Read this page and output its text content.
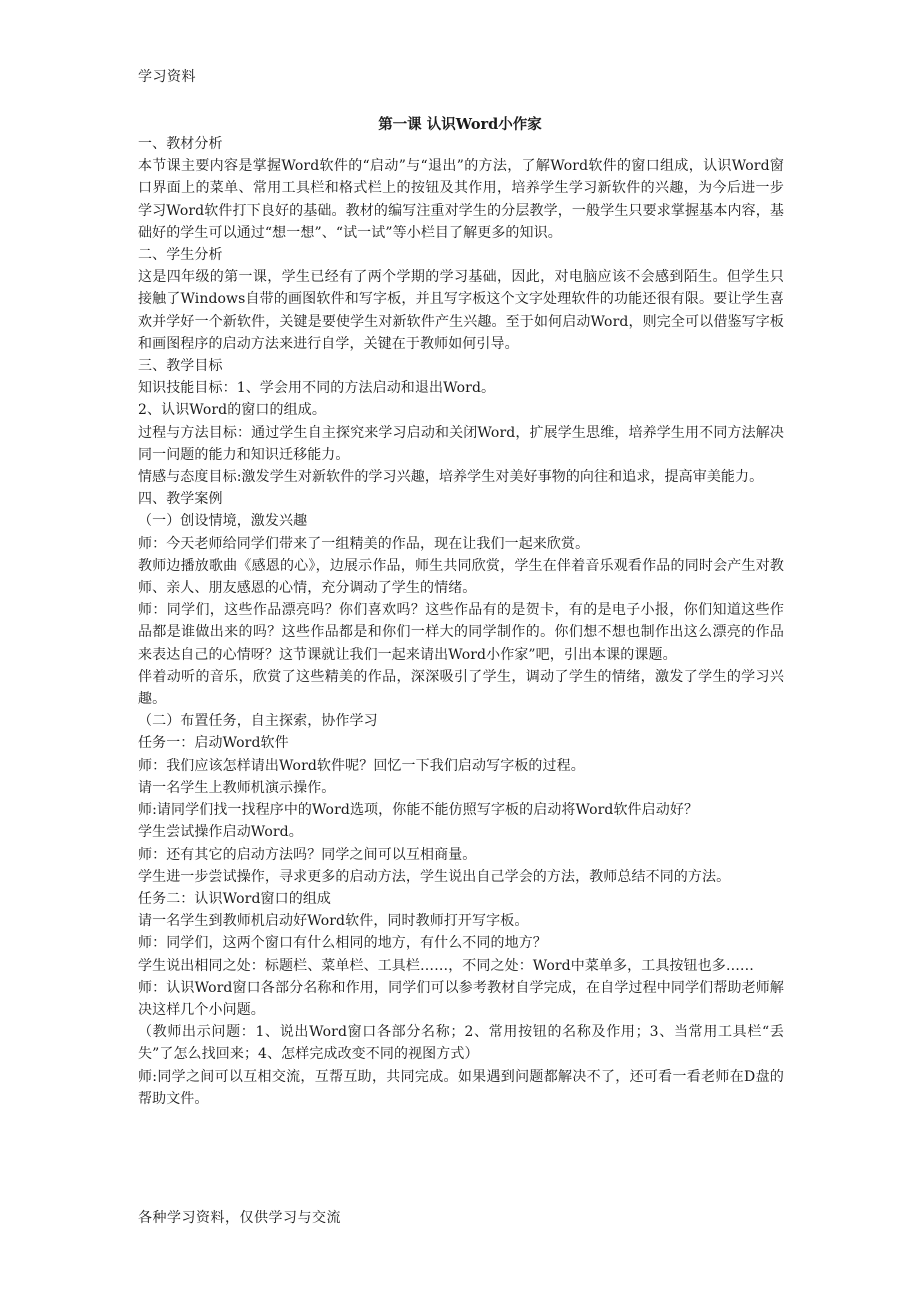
学习资料
第一课 认识Word小作家

一、教材分析

本节课主要内容是掌握Word软件的“启动”与“退出”的方法，了解Word软件的窗口组成，认识Word窗口界面上的菜单、常用工具栏和格式栏上的按钮及其作用，培养学生学习新软件的兴趣，为今后进一步学习Word软件打下良好的基础。教材的编写注重对学生的分层教学，一般学生只要求掌握基本内容，基础好的学生可以通过“想一想”、“试一试”等小栏目了解更多的知识。

二、学生分析

这是四年级的第一课，学生已经有了两个学期的学习基础，因此，对电脑应该不会感到陌生。但学生只接触了Windows自带的画图软件和写字板，并且写字板这个文字处理软件的功能还很有限。要让学生喜欢并学好一个新软件，关键是要使学生对新软件产生兴趣。至于如何启动Word，则完全可以借鉴写字板和画图程序的启动方法来进行自学，关键在于教师如何引导。

三、教学目标

知识技能目标：1、学会用不同的方法启动和退出Word。

2、认识Word的窗口的组成。

过程与方法目标：通过学生自主探究来学习启动和关闭Word，扩展学生思维，培养学生用不同方法解决同一问题的能力和知识迁移能力。

情感与态度目标:激发学生对新软件的学习兴趣，培养学生对美好事物的向往和追求，提高审美能力。

四、教学案例

（一）创设情境，激发兴趣

师：今天老师给同学们带来了一组精美的作品，现在让我们一起来欣赏。

教师边播放歌曲《感恩的心》，边展示作品，师生共同欣赏，学生在伴着音乐观看作品的同时会产生对教师、亲人、朋友感恩的心情，充分调动了学生的情绪。

师：同学们，这些作品漂亮吗？你们喜欢吗？这些作品有的是贺卡，有的是电子小报，你们知道这些作品都是谁做出来的吗？这些作品都是和你们一样大的同学制作的。你们想不想也制作出这么漂亮的作品来表达自己的心情呀？这节课就让我们一起来请出Word小作家”吧，引出本课的课题。

伴着动听的音乐，欣赏了这些精美的作品，深深吸引了学生，调动了学生的情绪，激发了学生的学习兴趣。

（二）布置任务，自主探索，协作学习

任务一：启动Word软件

师：我们应该怎样请出Word软件呢？回忆一下我们启动写字板的过程。

请一名学生上教师机演示操作。

师:请同学们找一找程序中的Word选项，你能不能仿照写字板的启动将Word软件启动好？

学生尝试操作启动Word。

师：还有其它的启动方法吗？同学之间可以互相商量。

学生进一步尝试操作，寻求更多的启动方法，学生说出自己学会的方法，教师总结不同的方法。

任务二：认识Word窗口的组成

请一名学生到教师机启动好Word软件，同时教师打开写字板。

师：同学们，这两个窗口有什么相同的地方，有什么不同的地方？

学生说出相同之处：标题栏、菜单栏、工具栏……，不同之处：Word中菜单多，工具按钮也多……

师：认识Word窗口各部分名称和作用，同学们可以参考教材自学完成，在自学过程中同学们帮助老师解决这样几个小问题。

（教师出示问题：1、说出Word窗口各部分名称；2、常用按钮的名称及作用；3、当常用工具栏“丢失”了怎么找回来；4、怎样完成改变不同的视图方式）

师:同学之间可以互相交流，互帮互助，共同完成。如果遇到问题都解决不了，还可看一看老师在D盘的帮助文件。

各种学习资料，仅供学习与交流
